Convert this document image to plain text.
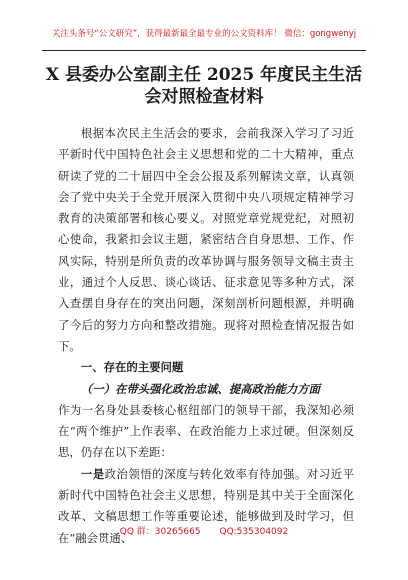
关注头条号“公文研究”，获得最新最全最专业的公文资料库！ 微信：gongwenyj
X 县委办公室副主任 2025 年度民主生活
会对照检查材料

根据本次民主生活会的要求，会前我深入学习了习近平新时代中国特色社会主义思想和党的二十大精神，重点研读了党的二十届四中全会公报及系列解读文章，认真领会了党中央关于全党开展深入贯彻中央八项规定精神学习教育的决策部署和核心要义。对照党章党规党纪，对照初心使命，我紧扣会议主题，紧密结合自身思想、工作、作风实际，特别是所负责的改革协调与服务领导文稿主责主业，通过个人反思、谈心谈话、征求意见等多种方式，深入查摆自身存在的突出问题，深刻剖析问题根源，并明确了今后的努力方向和整改措施。现将对照检查情况报告如下。

一、存在的主要问题

（一）在带头强化政治忠诚、提高政治能力方面

作为一名身处县委核心枢纽部门的领导干部，我深知必须在“两个维护”上作表率、在政治能力上求过硬。但深刻反思，仍存在以下差距：

一是政治领悟的深度与转化效率有待加强。对习近平新时代中国特色社会主义思想，特别是其中关于全面深化改革、文稿思想工作等重要论述，能够做到及时学习，但在“融会贯通、

QQ 群：30265665 QQ:535304092
